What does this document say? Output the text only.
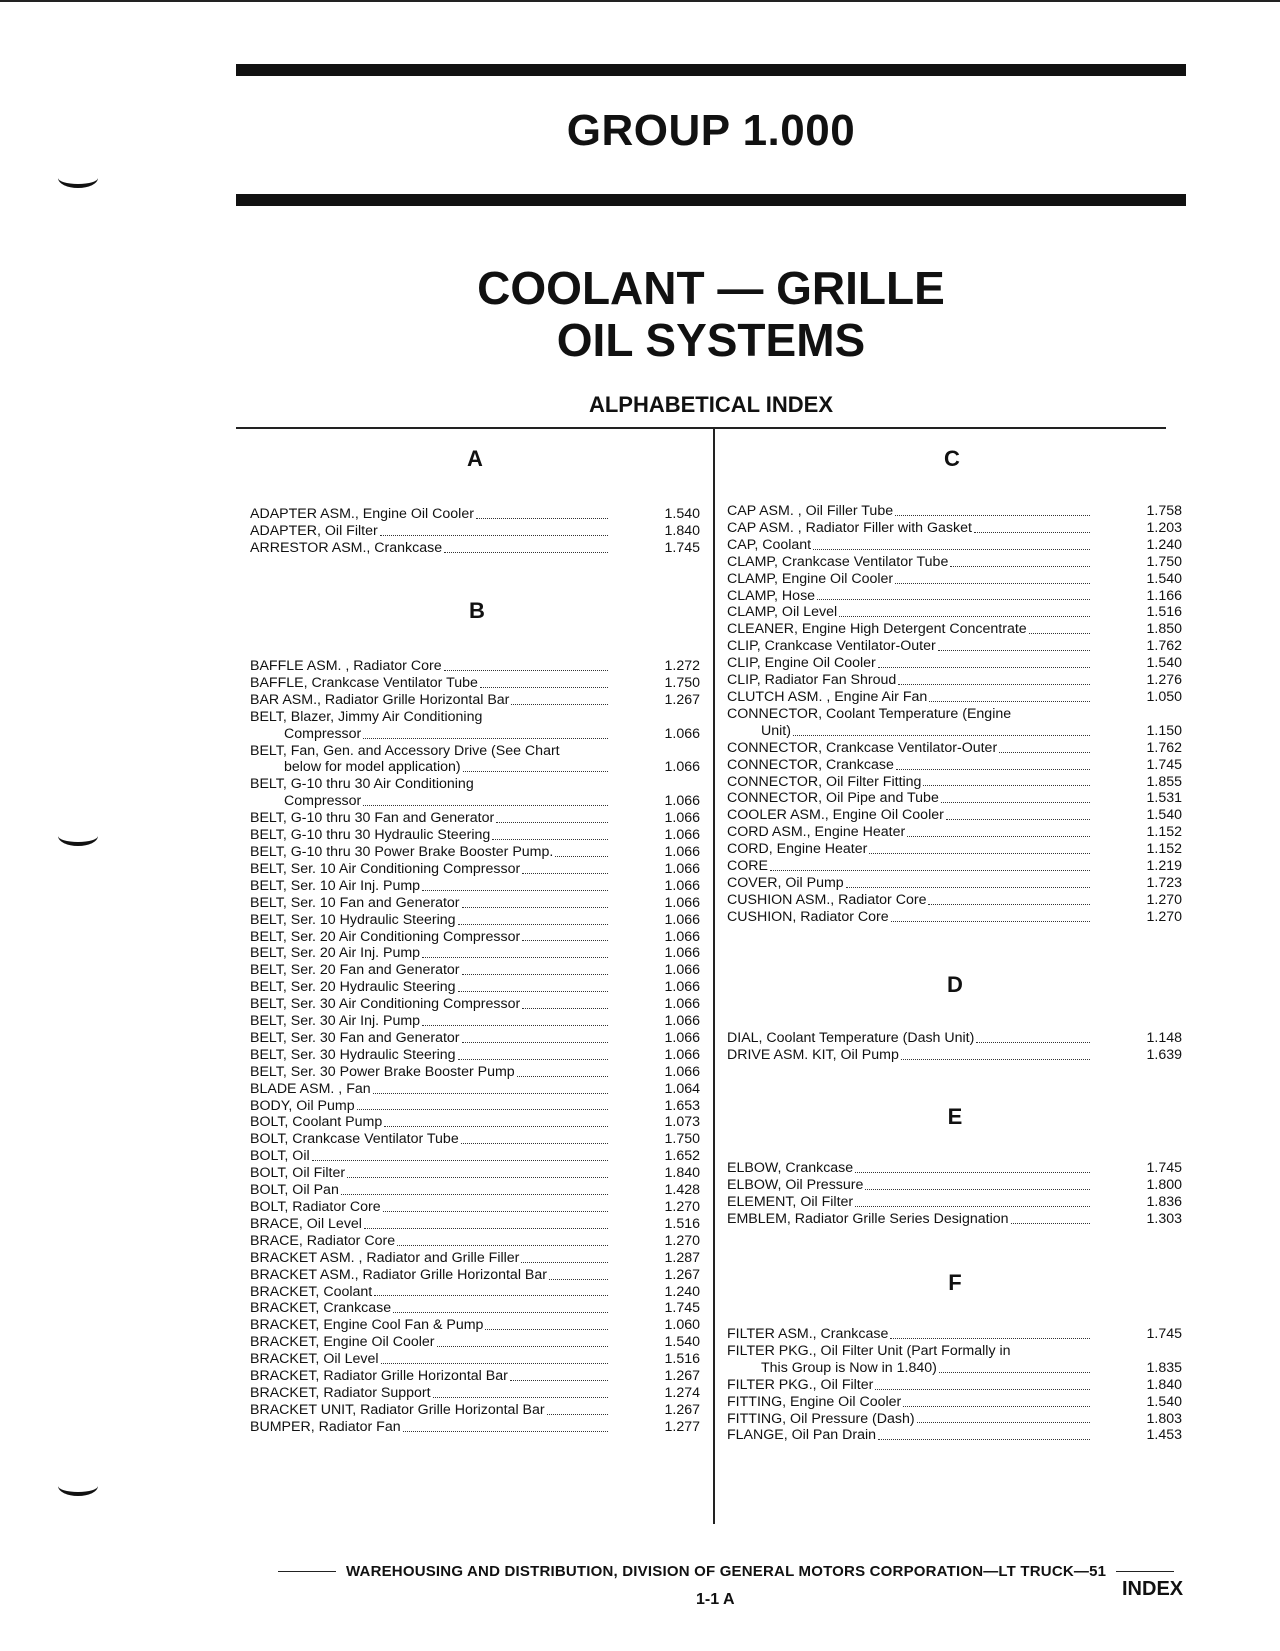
GROUP 1.000
COOLANT — GRILLE
OIL SYSTEMS
ALPHABETICAL INDEX
A
ADAPTER ASM., Engine Oil Cooler	1.540
ADAPTER, Oil Filter	1.840
ARRESTOR ASM., Crankcase	1.745
B
BAFFLE ASM. , Radiator Core	1.272
BAFFLE, Crankcase Ventilator Tube	1.750
BAR ASM., Radiator Grille Horizontal Bar	1.267
BELT, Blazer, Jimmy Air Conditioning
Compressor	1.066
BELT, Fan, Gen. and Accessory Drive (See Chart
below for model application)	1.066
BELT, G-10 thru 30 Air Conditioning
Compressor	1.066
BELT, G-10 thru 30 Fan and Generator	1.066
BELT, G-10 thru 30 Hydraulic Steering	1.066
BELT, G-10 thru 30 Power Brake Booster Pump.	1.066
BELT, Ser. 10 Air Conditioning Compressor	1.066
BELT, Ser. 10 Air Inj. Pump	1.066
BELT, Ser. 10 Fan and Generator	1.066
BELT, Ser. 10 Hydraulic Steering	1.066
BELT, Ser. 20 Air Conditioning Compressor	1.066
BELT, Ser. 20 Air Inj. Pump	1.066
BELT, Ser. 20 Fan and Generator	1.066
BELT, Ser. 20 Hydraulic Steering	1.066
BELT, Ser. 30 Air Conditioning Compressor	1.066
BELT, Ser. 30 Air Inj. Pump	1.066
BELT, Ser. 30 Fan and Generator	1.066
BELT, Ser. 30 Hydraulic Steering	1.066
BELT, Ser. 30 Power Brake Booster Pump	1.066
BLADE ASM. , Fan	1.064
BODY, Oil Pump	1.653
BOLT, Coolant Pump	1.073
BOLT, Crankcase Ventilator Tube	1.750
BOLT, Oil	1.652
BOLT, Oil Filter	1.840
BOLT, Oil Pan	1.428
BOLT, Radiator Core	1.270
BRACE, Oil Level	1.516
BRACE, Radiator Core	1.270
BRACKET ASM. , Radiator and Grille Filler	1.287
BRACKET ASM., Radiator Grille Horizontal Bar	1.267
BRACKET, Coolant	1.240
BRACKET, Crankcase	1.745
BRACKET, Engine Cool Fan & Pump	1.060
BRACKET, Engine Oil Cooler	1.540
BRACKET, Oil Level	1.516
BRACKET, Radiator Grille Horizontal Bar	1.267
BRACKET, Radiator Support	1.274
BRACKET UNIT, Radiator Grille Horizontal Bar	1.267
BUMPER, Radiator Fan	1.277
C
CAP ASM. , Oil Filler Tube	1.758
CAP ASM. , Radiator Filler with Gasket	1.203
CAP, Coolant	1.240
CLAMP, Crankcase Ventilator Tube	1.750
CLAMP, Engine Oil Cooler	1.540
CLAMP, Hose	1.166
CLAMP, Oil Level	1.516
CLEANER, Engine High Detergent Concentrate	1.850
CLIP, Crankcase Ventilator-Outer	1.762
CLIP, Engine Oil Cooler	1.540
CLIP, Radiator Fan Shroud	1.276
CLUTCH ASM. , Engine Air Fan	1.050
CONNECTOR, Coolant Temperature (Engine
Unit)	1.150
CONNECTOR, Crankcase Ventilator-Outer	1.762
CONNECTOR, Crankcase	1.745
CONNECTOR, Oil Filter Fitting	1.855
CONNECTOR, Oil Pipe and Tube	1.531
COOLER ASM., Engine Oil Cooler	1.540
CORD ASM., Engine Heater	1.152
CORD, Engine Heater	1.152
CORE	1.219
COVER, Oil Pump	1.723
CUSHION ASM., Radiator Core	1.270
CUSHION, Radiator Core	1.270
D
DIAL, Coolant Temperature (Dash Unit)	1.148
DRIVE ASM. KIT, Oil Pump	1.639
E
ELBOW, Crankcase	1.745
ELBOW, Oil Pressure	1.800
ELEMENT, Oil Filter	1.836
EMBLEM, Radiator Grille Series Designation	1.303
F
FILTER ASM., Crankcase	1.745
FILTER PKG., Oil Filter Unit (Part Formally in
This Group is Now in 1.840)	1.835
FILTER PKG., Oil Filter	1.840
FITTING, Engine Oil Cooler	1.540
FITTING, Oil Pressure (Dash)	1.803
FLANGE, Oil Pan Drain	1.453
WAREHOUSING AND DISTRIBUTION, DIVISION OF GENERAL MOTORS CORPORATION—LT TRUCK—51
1-1 A	INDEX
